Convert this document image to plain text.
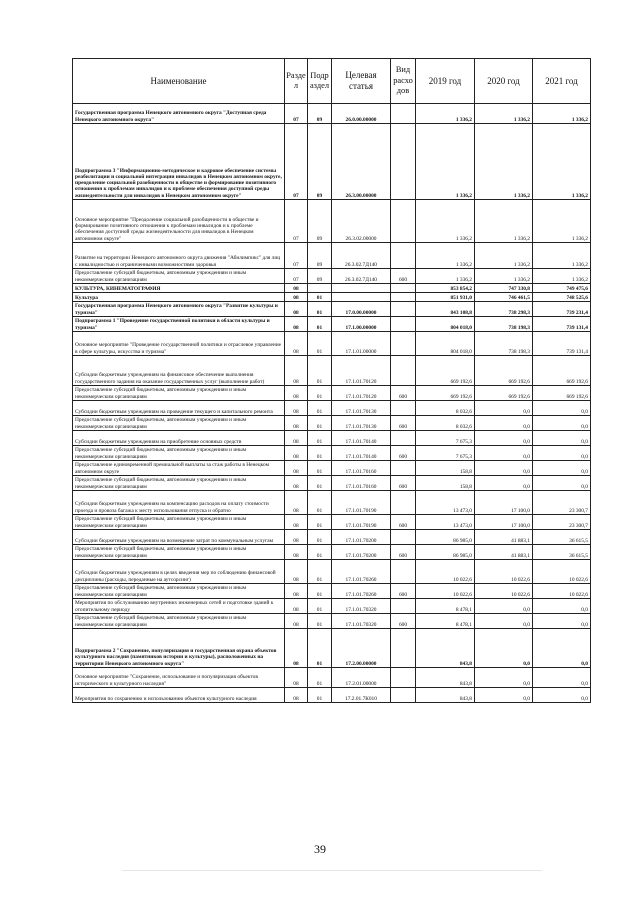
Наименование	Разде л	Подр аздел	Целевая статья	Вид расхо дов	2019 год	2020 год	2021 год
Государственная программа Ненецкого автономного округа "Доступная среда Ненецкого автономного округа"	07	09	26.0.00.00000		1 336,2	1 336,2	1 336,2
Подпрограмма 3 "Информационно-методическое и кадровое обеспечение системы реабилитации и социальной интеграции инвалидов в Ненецком автономном округе, преодоление социальной разобщенности в обществе и формирование позитивного отношения к проблемам инвалидов и к проблеме обеспечения доступной среды жизнедеятельности для инвалидов в Ненецком автономном округе"	07	09	26.3.00.00000		1 336,2	1 336,2	1 336,2
Основное мероприятие "Преодоление социальной разобщенности в обществе и формирование позитивного отношения к проблемам инвалидов и к проблеме обеспечения доступной среды жизнедеятельности для инвалидов в Ненецком автономном округе"	07	09	26.3.02.00000		1 336,2	1 336,2	1 336,2
Развитие на территории Ненецкого автономного округа движения "Абилимпикс" для лиц с инвалидностью и ограниченными возможностями здоровья	07	09	26.3.02.7Д140		1 336,2	1 336,2	1 336,2
Предоставление субсидий бюджетным, автономным учреждениям и иным некоммерческим организациям	07	09	26.3.02.7Д140	600	1 336,2	1 336,2	1 336,2
КУЛЬТУРА, КИНЕМАТОГРАФИЯ	08				853 854,2	747 330,8	749 475,6
Культура	08	01			851 931,0	746 461,5	748 525,6
Государственная программа Ненецкого автономного округа "Развитие культуры и туризма"	08	01	17.0.00.00000		843 108,8	738 298,3	739 231,4
Подпрограмма 1 "Проведение государственной политики в области культуры и туризма"	08	01	17.1.00.00000		804 018,0	738 198,3	739 131,4
Основное мероприятие "Проведение государственной политики и отраслевое управление в сфере культуры, искусства и туризма"	08	01	17.1.01.00000		804 018,0	738 198,3	739 131,4
Субсидии бюджетным учреждениям на финансовое обеспечение выполнения государственного задания на оказание государственных услуг (выполнение работ)	08	01	17.1.01.70120		669 192,6	669 192,6	669 192,6
Предоставление субсидий бюджетным, автономным учреждениям и иным некоммерческим организациям	08	01	17.1.01.70120	600	669 192,6	669 192,6	669 192,6
Субсидии бюджетным учреждениям на проведение текущего и капитального ремонта	08	01	17.1.01.70130		8 032,6	0,0	0,0
Предоставление субсидий бюджетным, автономным учреждениям и иным некоммерческим организациям	08	01	17.1.01.70130	600	8 032,6	0,0	0,0
Субсидии бюджетным учреждениям на приобретение основных средств	08	01	17.1.01.70140		7 675,3	0,0	0,0
Предоставление субсидий бюджетным, автономным учреждениям и иным некоммерческим организациям	08	01	17.1.01.70140	600	7 675,3	0,0	0,0
Предоставление единовременной премиальной выплаты за стаж работы в Ненецком автономном округе	08	01	17.1.01.70160		158,8	0,0	0,0
Предоставление субсидий бюджетным, автономным учреждениям и иным некоммерческим организациям	08	01	17.1.01.70160	600	158,8	0,0	0,0
Субсидии бюджетным учреждениям на компенсацию расходов на оплату стоимости проезда и провоза багажа к месту использования отпуска и обратно	08	01	17.1.01.70190		13 473,0	17 100,0	23 300,7
Предоставление субсидий бюджетным, автономным учреждениям и иным некоммерческим организациям	08	01	17.1.01.70190	600	13 473,0	17 100,0	23 300,7
Субсидии бюджетным учреждениям на возмещение затрат по коммунальным услугам	08	01	17.1.01.70200		86 985,0	41 883,1	36 615,5
Предоставление субсидий бюджетным, автономным учреждениям и иным некоммерческим организациям	08	01	17.1.01.70200	600	86 985,0	41 883,1	36 615,5
Субсидии бюджетным учреждениям в целях введения мер по соблюдению финансовой дисциплины (расходы, переданные на аутсорсинг)	08	01	17.1.01.70260		10 022,6	10 022,6	10 022,6
Предоставление субсидий бюджетным, автономным учреждениям и иным некоммерческим организациям	08	01	17.1.01.70260	600	10 022,6	10 022,6	10 022,6
Мероприятия по обслуживанию внутренних инженерных сетей и подготовке зданий к отопительному периоду	08	01	17.1.01.70320		8 478,1	0,0	0,0
Предоставление субсидий бюджетным, автономным учреждениям и иным некоммерческим организациям	08	01	17.1.01.70320	600	8 478,1	0,0	0,0
Подпрограмма 2 "Сохранение, популяризация и государственная охрана объектов культурного наследия (памятников истории и культуры), расположенных на территории Ненецкого автономного округа"	08	01	17.2.00.00000		843,8	0,0	0,0
Основное мероприятие "Сохранение, использование и популяризация объектов исторического и культурного наследия"	08	01	17.2.01.00000		843,8	0,0	0,0
Мероприятия по сохранению и использованию объектов культурного наследия	08	01	17.2.01.7К010		843,8	0,0	0,0
39
